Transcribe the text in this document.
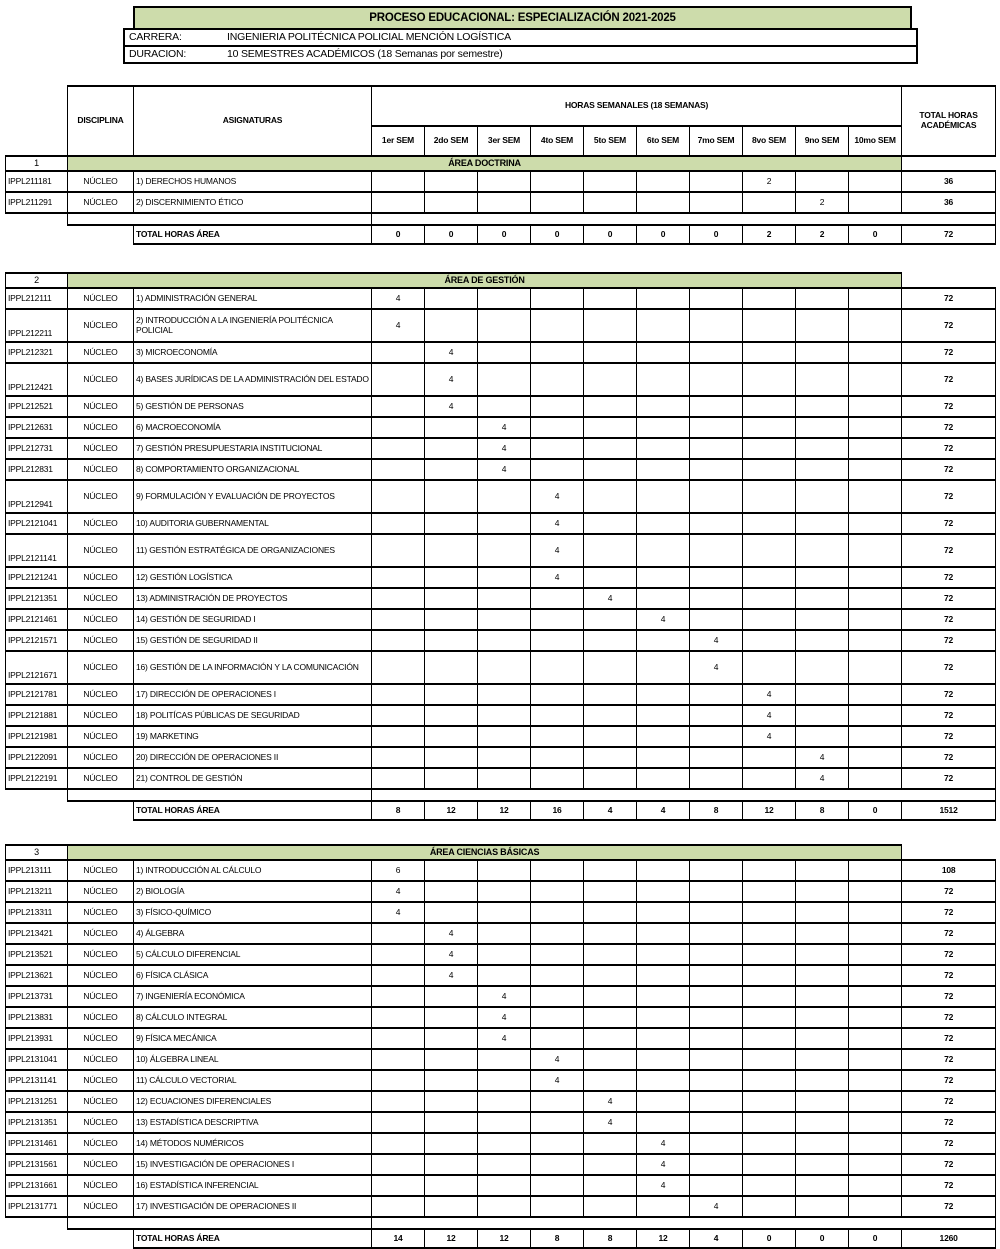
PROCESO EDUCACIONAL: ESPECIALIZACIÓN 2021-2025
CARRERA:	INGENIERIA POLITÉCNICA POLICIAL MENCIÓN LOGÍSTICA
DURACION:	10 SEMESTRES ACADÉMICOS (18 Semanas por semestre)
	DISCIPLINA	ASIGNATURAS	HORAS SEMANALES (18 SEMANAS)										TOTAL HORAS ACADÉMICAS
			1er SEM	2do SEM	3er SEM	4to SEM	5to SEM	6to SEM	7mo SEM	8vo SEM	9no SEM	10mo SEM	
1	ÁREA DOCTRINA												
IPPL211181	NÚCLEO	1) DERECHOS HUMANOS								2			36
IPPL211291	NÚCLEO	2) DISCERNIMIENTO ÉTICO									2		36

		TOTAL HORAS ÁREA	0	0	0	0	0	0	0	2	2	0	72
2	ÁREA DE GESTIÓN												
IPPL212111	NÚCLEO	1) ADMINISTRACIÓN GENERAL	4										72
IPPL212211	NÚCLEO	2) INTRODUCCIÓN A LA INGENIERÍA POLITÉCNICA POLICIAL	4										72
IPPL212321	NÚCLEO	3) MICROECONOMÍA		4									72
IPPL212421	NÚCLEO	4) BASES JURÍDICAS DE LA ADMINISTRACIÓN DEL ESTADO		4									72
IPPL212521	NÚCLEO	5) GESTIÓN DE PERSONAS		4									72
IPPL212631	NÚCLEO	6) MACROECONOMÍA			4								72
IPPL212731	NÚCLEO	7) GESTIÓN PRESUPUESTARIA INSTITUCIONAL			4								72
IPPL212831	NÚCLEO	8) COMPORTAMIENTO ORGANIZACIONAL			4								72
IPPL212941	NÚCLEO	9) FORMULACIÓN Y EVALUACIÓN DE PROYECTOS				4							72
IPPL2121041	NÚCLEO	10) AUDITORIA GUBERNAMENTAL				4							72
IPPL2121141	NÚCLEO	11) GESTIÓN ESTRATÉGICA DE ORGANIZACIONES				4							72
IPPL2121241	NÚCLEO	12) GESTIÓN LOGÍSTICA				4							72
IPPL2121351	NÚCLEO	13) ADMINISTRACIÓN DE PROYECTOS					4						72
IPPL2121461	NÚCLEO	14) GESTIÓN DE SEGURIDAD I						4					72
IPPL2121571	NÚCLEO	15) GESTIÓN DE SEGURIDAD II							4				72
IPPL2121671	NÚCLEO	16) GESTIÓN DE LA INFORMACIÓN Y LA COMUNICACIÓN							4				72
IPPL2121781	NÚCLEO	17) DIRECCIÓN DE OPERACIONES I								4			72
IPPL2121881	NÚCLEO	18) POLITÍCAS PÚBLICAS DE SEGURIDAD								4			72
IPPL2121981	NÚCLEO	19) MARKETING								4			72
IPPL2122091	NÚCLEO	20) DIRECCIÓN DE OPERACIONES II									4		72
IPPL2122191	NÚCLEO	21) CONTROL DE GESTIÓN									4		72

		TOTAL HORAS ÁREA	8	12	12	16	4	4	8	12	8	0	1512
3	ÁREA CIENCIAS BÁSICAS												
IPPL213111	NÚCLEO	1) INTRODUCCIÓN AL CÁLCULO	6										108
IPPL213211	NÚCLEO	2) BIOLOGÍA	4										72
IPPL213311	NÚCLEO	3) FÍSICO-QUÍMICO	4										72
IPPL213421	NÚCLEO	4) ÁLGEBRA		4									72
IPPL213521	NÚCLEO	5) CÁLCULO DIFERENCIAL		4									72
IPPL213621	NÚCLEO	6) FÍSICA CLÁSICA		4									72
IPPL213731	NÚCLEO	7) INGENIERÍA ECONÓMICA			4								72
IPPL213831	NÚCLEO	8) CÁLCULO INTEGRAL			4								72
IPPL213931	NÚCLEO	9) FÍSICA MECÁNICA			4								72
IPPL2131041	NÚCLEO	10) ÁLGEBRA LINEAL				4							72
IPPL2131141	NÚCLEO	11) CÁLCULO VECTORIAL				4							72
IPPL2131251	NÚCLEO	12) ECUACIONES DIFERENCIALES					4						72
IPPL2131351	NÚCLEO	13) ESTADÍSTICA DESCRIPTIVA					4						72
IPPL2131461	NÚCLEO	14) MÉTODOS NUMÉRICOS						4					72
IPPL2131561	NÚCLEO	15) INVESTIGACIÓN DE OPERACIONES I						4					72
IPPL2131661	NÚCLEO	16) ESTADÍSTICA INFERENCIAL						4					72
IPPL2131771	NÚCLEO	17) INVESTIGACIÓN DE OPERACIONES II							4				72

		TOTAL HORAS ÁREA	14	12	12	8	8	12	4	0	0	0	1260
